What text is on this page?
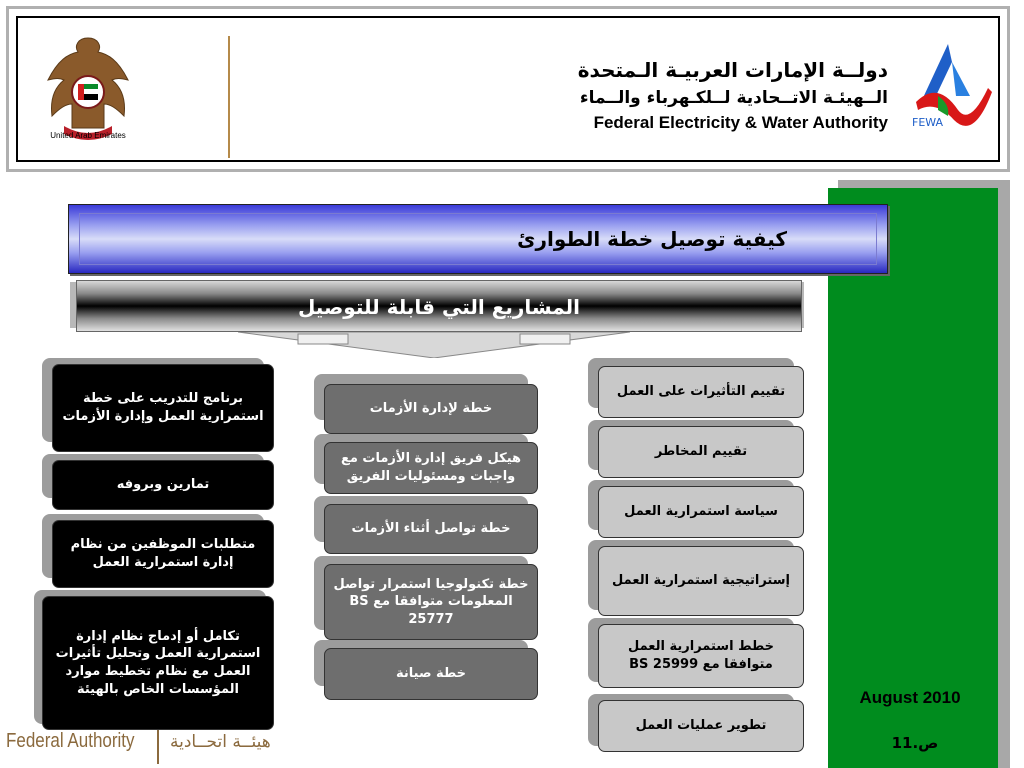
United Arab Emirates
دولــة الإمارات العربيـة الـمتحدة
الــهيئـة الاتــحادية لــلكـهرباء والــماء
Federal Electricity & Water Authority FEWA
August 2010
ص.11
كيفية توصيل خطة الطوارئ
المشاريع التي قابلة للتوصيل
برنامج للتدريب على خطة استمرارية العمل وإدارة الأزمات
تمارين وبروفه
متطلبات الموظفين من نظام إدارة استمرارية العمل
تكامل أو إدماج نظام إدارة استمرارية العمل وتحليل تأثيرات العمل مع نظام تخطيط موارد المؤسسات الخاص بالهيئة
خطة لإدارة الأزمات
هيكل فريق إدارة الأزمات مع واجبات ومسئوليات الفريق
خطة تواصل أثناء الأزمات
خطة تكنولوجيا استمرار تواصل المعلومات متوافقا مع BS 25777
خطة صيانة
تقييم التأثيرات على العمل
تقييم المخاطر
سياسة استمرارية العمل
إستراتيجية استمرارية العمل
خطط استمرارية العمل متوافقا مع BS 25999
تطوير عمليات العمل
Federal Authority هيئــة اتحــادية
